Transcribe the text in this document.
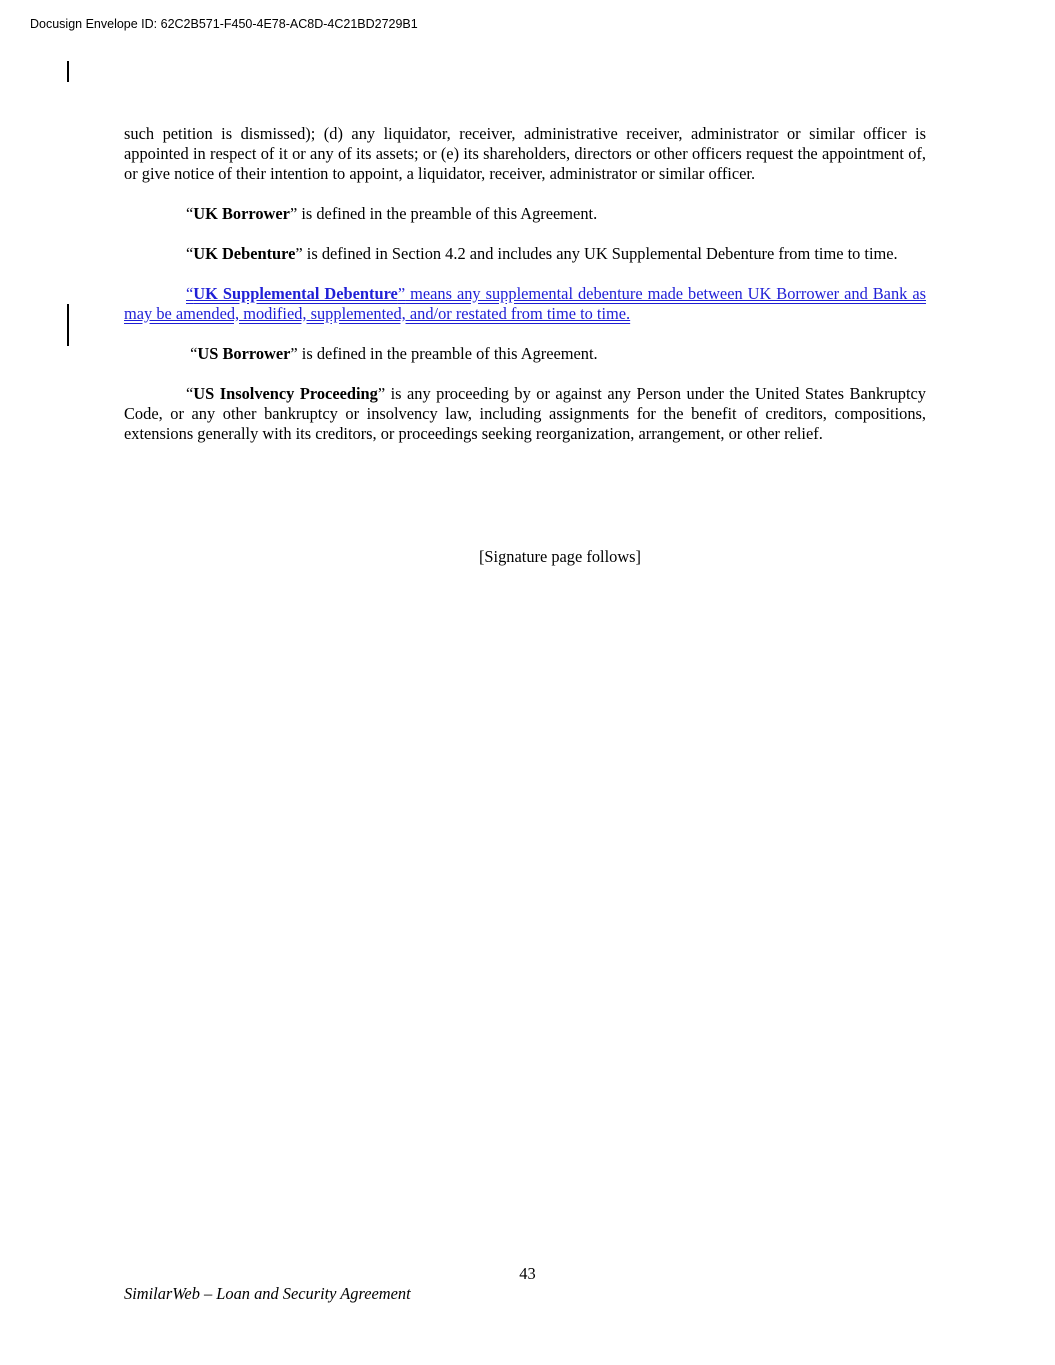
Docusign Envelope ID: 62C2B571-F450-4E78-AC8D-4C21BD2729B1

such petition is dismissed); (d) any liquidator, receiver, administrative receiver, administrator or similar officer is appointed in respect of it or any of its assets; or (e) its shareholders, directors or other officers request the appointment of, or give notice of their intention to appoint, a liquidator, receiver, administrator or similar officer.

“UK Borrower” is defined in the preamble of this Agreement.

“UK Debenture” is defined in Section 4.2 and includes any UK Supplemental Debenture from time to time.

“UK Supplemental Debenture” means any supplemental debenture made between UK Borrower and Bank as may be amended, modified, supplemented, and/or restated from time to time.

“US Borrower” is defined in the preamble of this Agreement.

“US Insolvency Proceeding” is any proceeding by or against any Person under the United States Bankruptcy Code, or any other bankruptcy or insolvency law, including assignments for the benefit of creditors, compositions, extensions generally with its creditors, or proceedings seeking reorganization, arrangement, or other relief.

[Signature page follows]
43
SimilarWeb – Loan and Security Agreement
